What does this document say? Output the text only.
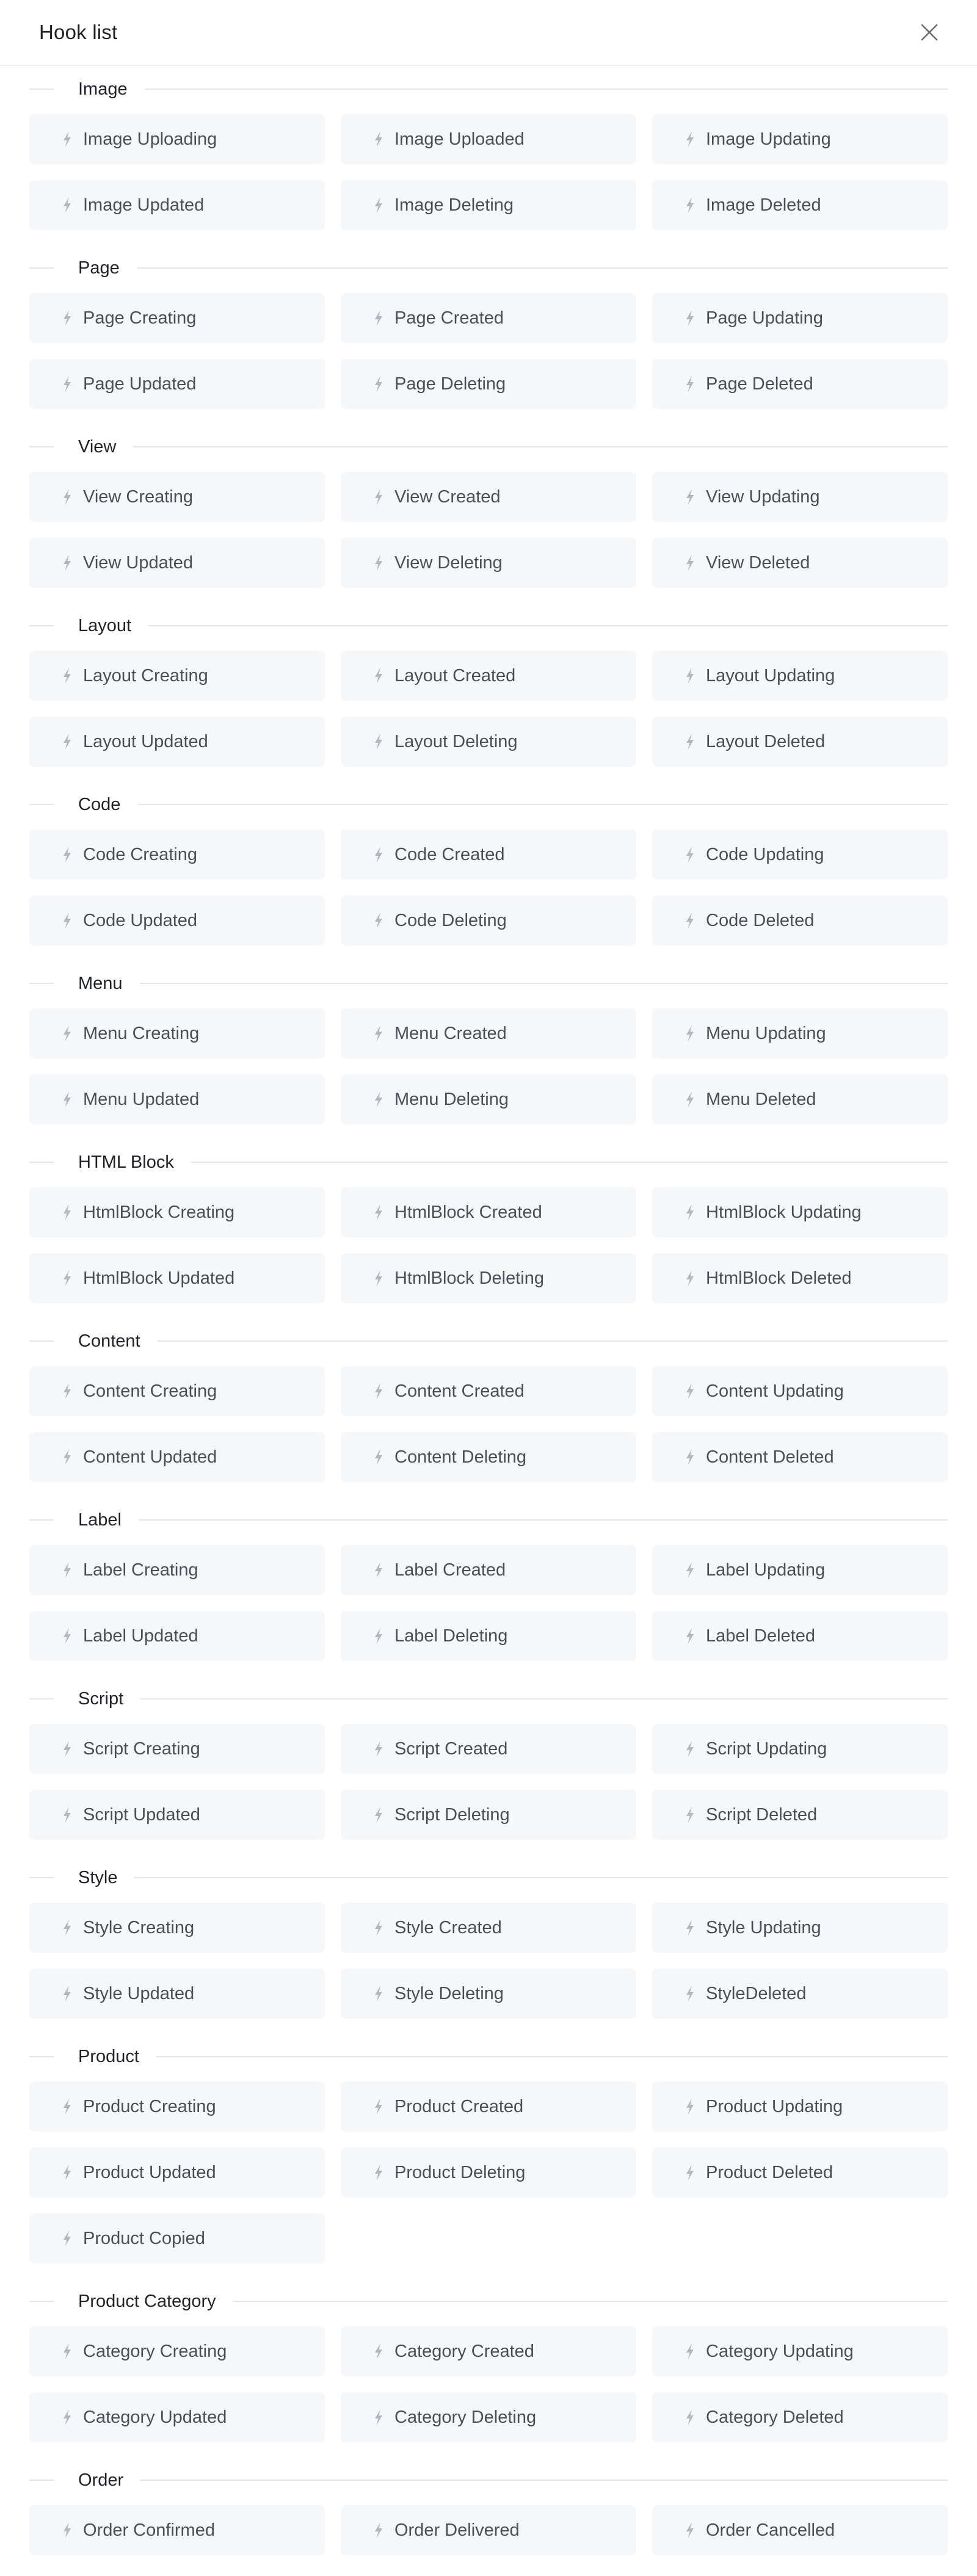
Hook list
Image
Image Uploading	Image Uploaded	Image Updating
Image Updated	Image Deleting	Image Deleted
Page
Page Creating	Page Created	Page Updating
Page Updated	Page Deleting	Page Deleted
View
View Creating	View Created	View Updating
View Updated	View Deleting	View Deleted
Layout
Layout Creating	Layout Created	Layout Updating
Layout Updated	Layout Deleting	Layout Deleted
Code
Code Creating	Code Created	Code Updating
Code Updated	Code Deleting	Code Deleted
Menu
Menu Creating	Menu Created	Menu Updating
Menu Updated	Menu Deleting	Menu Deleted
HTML Block
HtmlBlock Creating	HtmlBlock Created	HtmlBlock Updating
HtmlBlock Updated	HtmlBlock Deleting	HtmlBlock Deleted
Content
Content Creating	Content Created	Content Updating
Content Updated	Content Deleting	Content Deleted
Label
Label Creating	Label Created	Label Updating
Label Updated	Label Deleting	Label Deleted
Script
Script Creating	Script Created	Script Updating
Script Updated	Script Deleting	Script Deleted
Style
Style Creating	Style Created	Style Updating
Style Updated	Style Deleting	StyleDeleted
Product
Product Creating	Product Created	Product Updating
Product Updated	Product Deleting	Product Deleted
Product Copied
Product Category
Category Creating	Category Created	Category Updating
Category Updated	Category Deleting	Category Deleted
Order
Order Confirmed	Order Delivered	Order Cancelled
